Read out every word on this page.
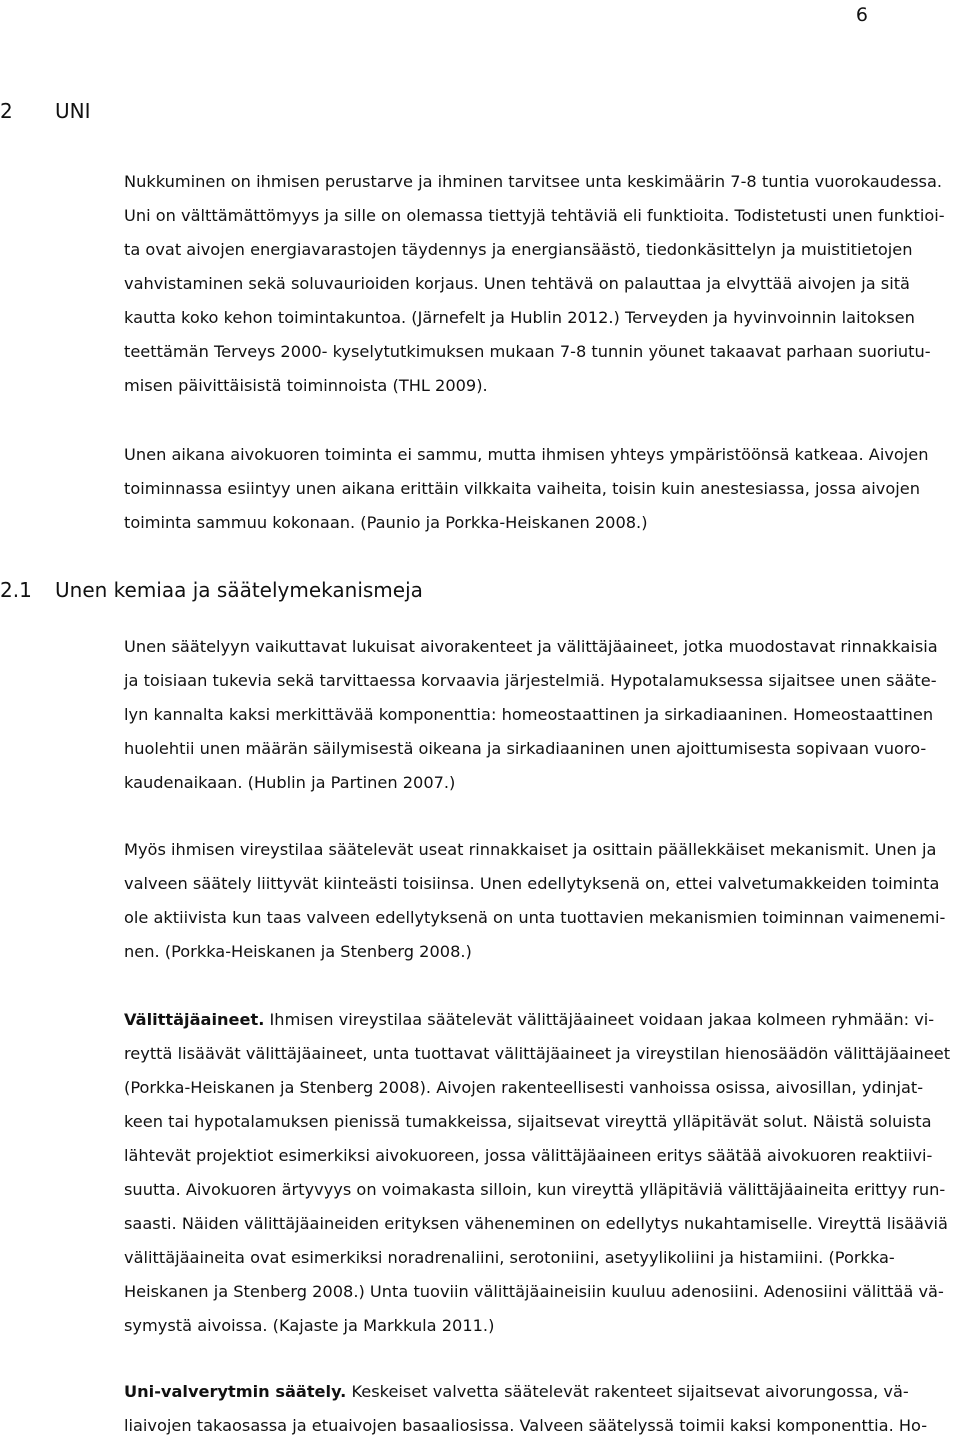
6
2 UNI
Nukkuminen on ihmisen perustarve ja ihminen tarvitsee unta keskimäärin 7-8 tuntia vuorokaudessa.
Uni on välttämättömyys ja sille on olemassa tiettyjä tehtäviä eli funktioita. Todistetusti unen funktioi-
ta ovat aivojen energiavarastojen täydennys ja energiansäästö, tiedonkäsittelyn ja muistitietojen
vahvistaminen sekä soluvaurioiden korjaus. Unen tehtävä on palauttaa ja elvyttää aivojen ja sitä
kautta koko kehon toimintakuntoa. (Järnefelt ja Hublin 2012.) Terveyden ja hyvinvoinnin laitoksen
teettämän Terveys 2000- kyselytutkimuksen mukaan 7-8 tunnin yöunet takaavat parhaan suoriutu-
misen päivittäisistä toiminnoista (THL 2009).
Unen aikana aivokuoren toiminta ei sammu, mutta ihmisen yhteys ympäristöönsä katkeaa. Aivojen
toiminnassa esiintyy unen aikana erittäin vilkkaita vaiheita, toisin kuin anestesiassa, jossa aivojen
toiminta sammuu kokonaan. (Paunio ja Porkka-Heiskanen 2008.)
2.1 Unen kemiaa ja säätelymekanismeja
Unen säätelyyn vaikuttavat lukuisat aivorakenteet ja välittäjäaineet, jotka muodostavat rinnakkaisia
ja toisiaan tukevia sekä tarvittaessa korvaavia järjestelmiä. Hypotalamuksessa sijaitsee unen sääte-
lyn kannalta kaksi merkittävää komponenttia: homeostaattinen ja sirkadiaaninen. Homeostaattinen
huolehtii unen määrän säilymisestä oikeana ja sirkadiaaninen unen ajoittumisesta sopivaan vuoro-
kaudenaikaan. (Hublin ja Partinen 2007.)
Myös ihmisen vireystilaa säätelevät useat rinnakkaiset ja osittain päällekkäiset mekanismit. Unen ja
valveen säätely liittyvät kiinteästi toisiinsa. Unen edellytyksenä on, ettei valvetumakkeiden toiminta
ole aktiivista kun taas valveen edellytyksenä on unta tuottavien mekanismien toiminnan vaimenemi-
nen. (Porkka-Heiskanen ja Stenberg 2008.)
Välittäjäaineet. Ihmisen vireystilaa säätelevät välittäjäaineet voidaan jakaa kolmeen ryhmään: vi-
reyttä lisäävät välittäjäaineet, unta tuottavat välittäjäaineet ja vireystilan hienosäädön välittäjäaineet
(Porkka-Heiskanen ja Stenberg 2008). Aivojen rakenteellisesti vanhoissa osissa, aivosillan, ydinjat-
keen tai hypotalamuksen pienissä tumakkeissa, sijaitsevat vireyttä ylläpitävät solut. Näistä soluista
lähtevät projektiot esimerkiksi aivokuoreen, jossa välittäjäaineen eritys säätää aivokuoren reaktiivi-
suutta. Aivokuoren ärtyvyys on voimakasta silloin, kun vireyttä ylläpitäviä välittäjäaineita erittyy run-
saasti. Näiden välittäjäaineiden erityksen väheneminen on edellytys nukahtamiselle. Vireyttä lisääviä
välittäjäaineita ovat esimerkiksi noradrenaliini, serotoniini, asetyylikoliini ja histamiini. (Porkka-
Heiskanen ja Stenberg 2008.) Unta tuoviin välittäjäaineisiin kuuluu adenosiini. Adenosiini välittää vä-
symystä aivoissa. (Kajaste ja Markkula 2011.)
Uni-valverytmin säätely. Keskeiset valvetta säätelevät rakenteet sijaitsevat aivorungossa, vä-
liaivojen takaosassa ja etuaivojen basaaliosissa. Valveen säätelyssä toimii kaksi komponenttia. Ho-
